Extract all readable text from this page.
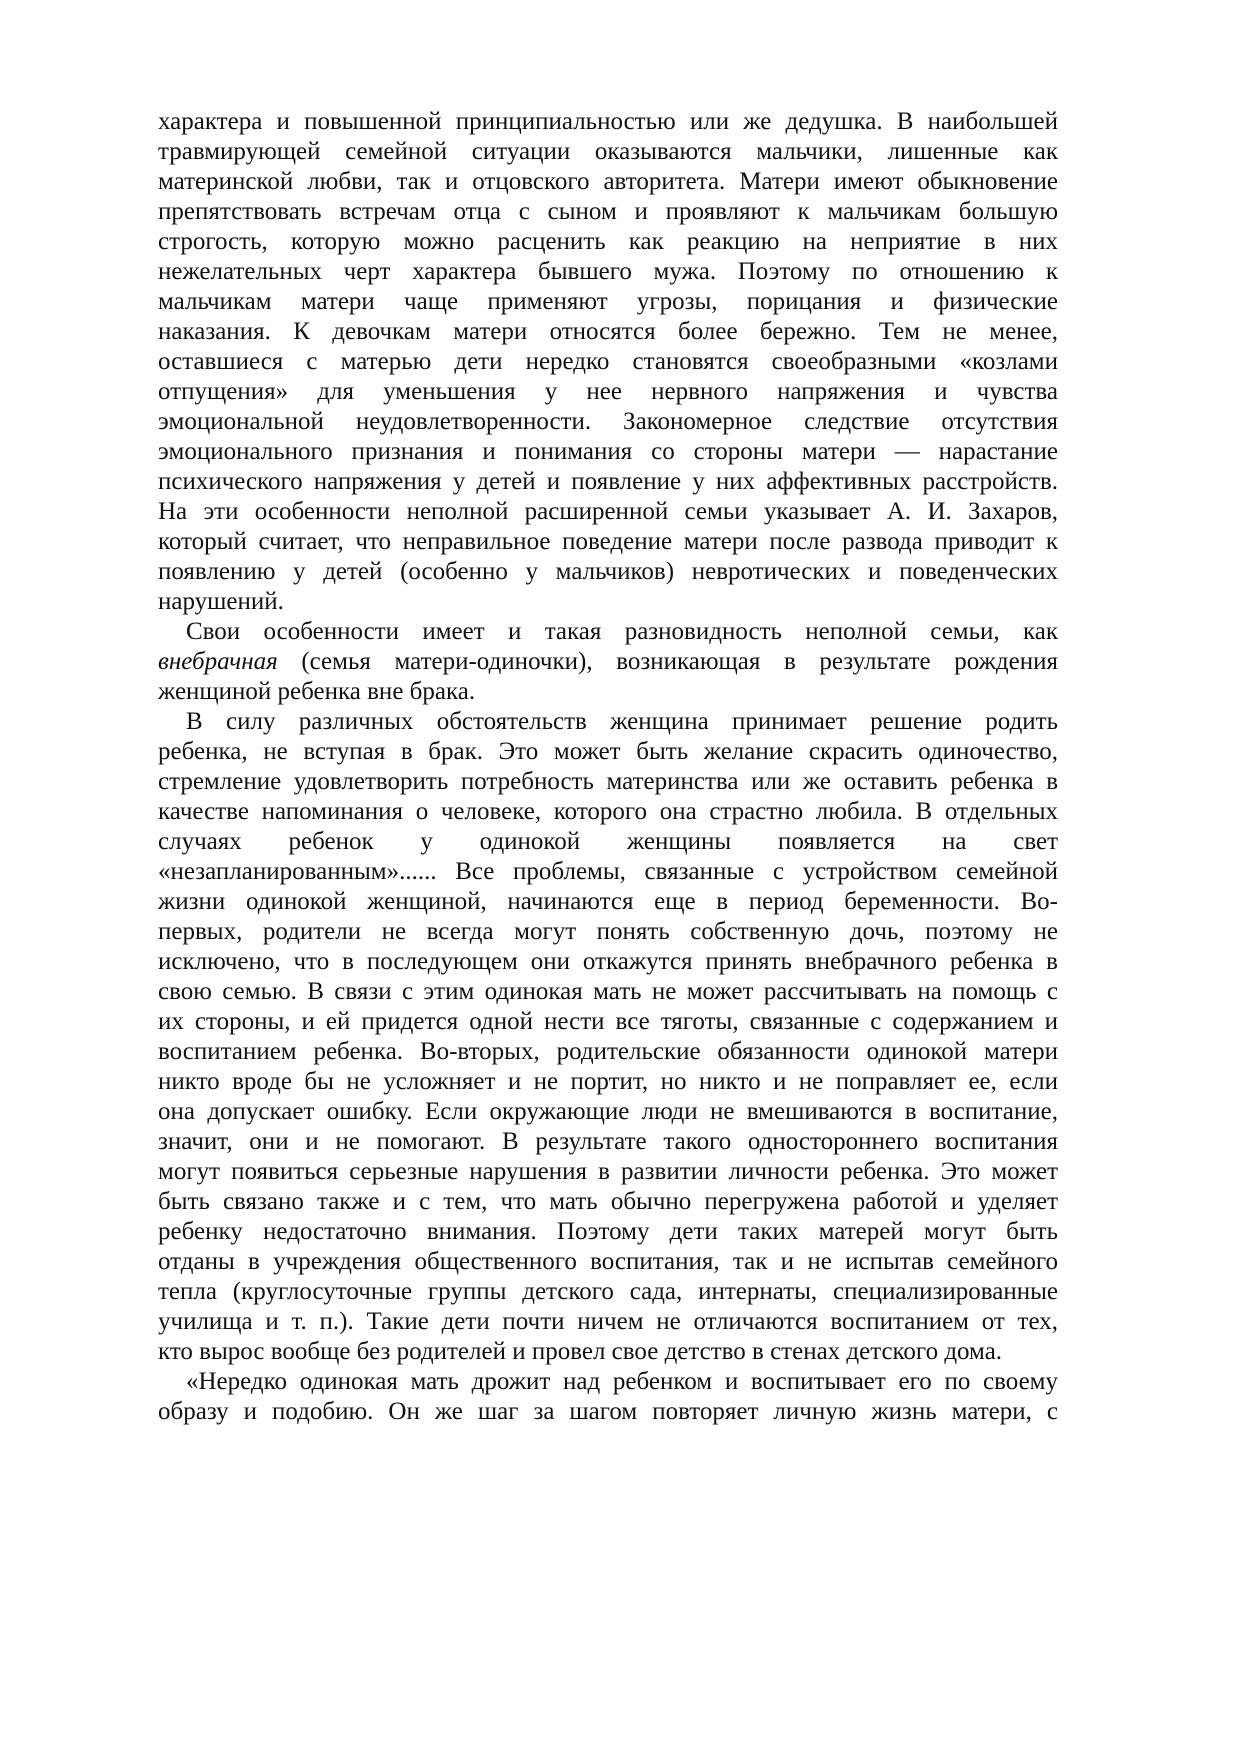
характера и повышенной принципиальностью или же дедушка. В наибольшей
травмирующей семейной ситуации оказываются мальчики, лишенные как
материнской любви, так и отцовского авторитета. Матери имеют обыкновение
препятствовать встречам отца с сыном и проявляют к мальчикам большую
строгость, которую можно расценить как реакцию на неприятие в них
нежелательных черт характера бывшего мужа. Поэтому по отношению к
мальчикам матери чаще применяют угрозы, порицания и физические
наказания. К девочкам матери относятся более бережно. Тем не менее,
оставшиеся с матерью дети нередко становятся своеобразными «козлами
отпущения» для уменьшения у нее нервного напряжения и чувства
эмоциональной неудовлетворенности. Закономерное следствие отсутствия
эмоционального признания и понимания со стороны матери — нарастание
психического напряжения у детей и появление у них аффективных расстройств.
На эти особенности неполной расширенной семьи указывает А. И. Захаров,
который считает, что неправильное поведение матери после развода приводит к
появлению у детей (особенно у мальчиков) невротических и поведенческих
нарушений.
Свои особенности имеет и такая разновидность неполной семьи, как
внебрачная (семья матери-одиночки), возникающая в результате рождения
женщиной ребенка вне брака.
В силу различных обстоятельств женщина принимает решение родить
ребенка, не вступая в брак. Это может быть желание скрасить одиночество,
стремление удовлетворить потребность материнства или же оставить ребенка в
качестве напоминания о человеке, которого она страстно любила. В отдельных
случаях ребенок у одинокой женщины появляется на свет
«незапланированным»...... Все проблемы, связанные с устройством семейной
жизни одинокой женщиной, начинаются еще в период беременности. Во-
первых, родители не всегда могут понять собственную дочь, поэтому не
исключено, что в последующем они откажутся принять внебрачного ребенка в
свою семью. В связи с этим одинокая мать не может рассчитывать на помощь с
их стороны, и ей придется одной нести все тяготы, связанные с содержанием и
воспитанием ребенка. Во-вторых, родительские обязанности одинокой матери
никто вроде бы не усложняет и не портит, но никто и не поправляет ее, если
она допускает ошибку. Если окружающие люди не вмешиваются в воспитание,
значит, они и не помогают. В результате такого одностороннего воспитания
могут появиться серьезные нарушения в развитии личности ребенка. Это может
быть связано также и с тем, что мать обычно перегружена работой и уделяет
ребенку недостаточно внимания. Поэтому дети таких матерей могут быть
отданы в учреждения общественного воспитания, так и не испытав семейного
тепла (круглосуточные группы детского сада, интернаты, специализированные
училища и т. п.). Такие дети почти ничем не отличаются воспитанием от тех,
кто вырос вообще без родителей и провел свое детство в стенах детского дома.
«Нередко одинокая мать дрожит над ребенком и воспитывает его по своему
образу и подобию. Он же шаг за шагом повторяет личную жизнь матери, с
